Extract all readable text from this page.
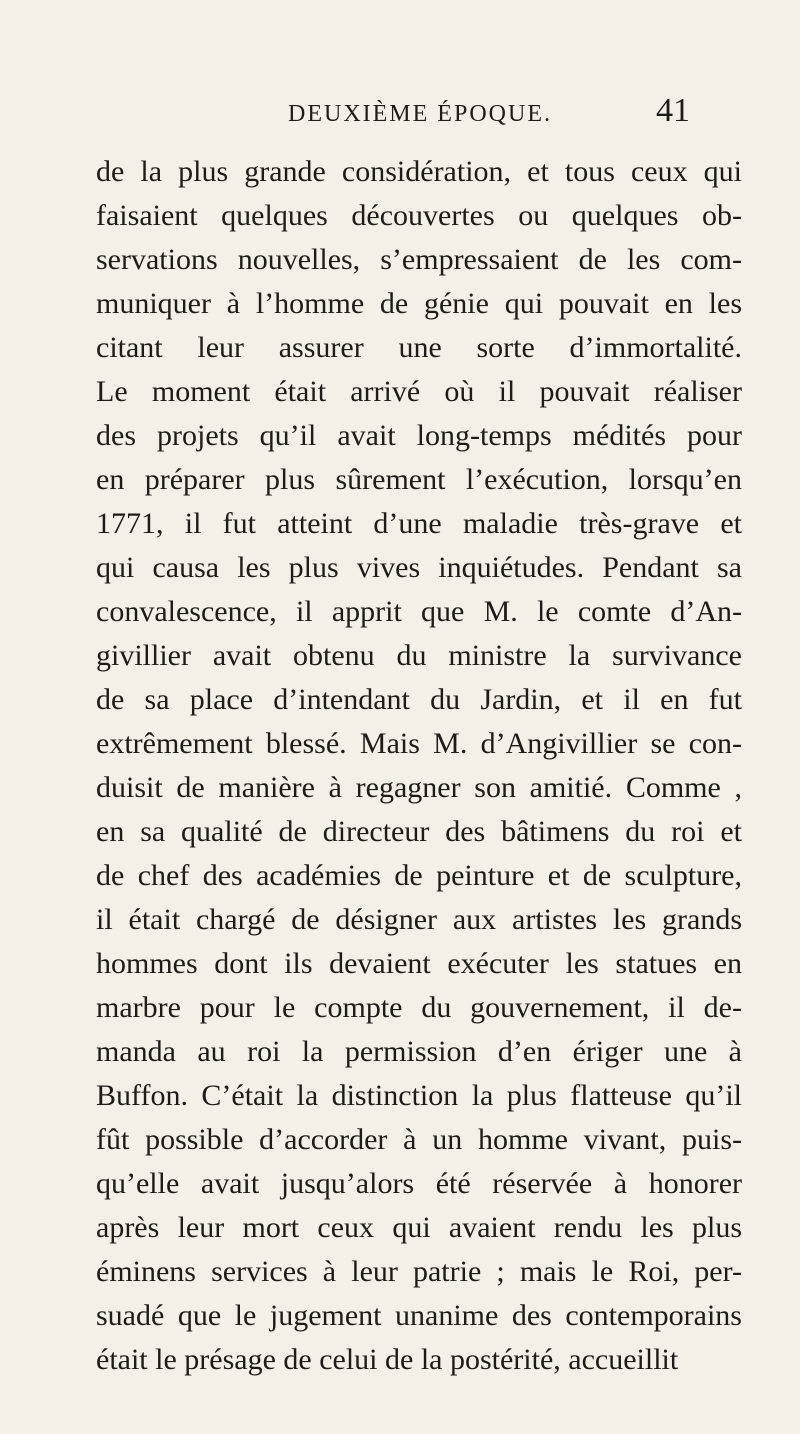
DEUXIÈME ÉPOQUE.	41
de la plus grande considération, et tous ceux qui
faisaient quelques découvertes ou quelques ob-
servations nouvelles, s’empressaient de les com-
muniquer à l’homme de génie qui pouvait en les
citant leur assurer une sorte d’immortalité.
Le moment était arrivé où il pouvait réaliser
des projets qu’il avait long-temps médités pour
en préparer plus sûrement l’exécution, lorsqu’en
1771, il fut atteint d’une maladie très-grave et
qui causa les plus vives inquiétudes. Pendant sa
convalescence, il apprit que M. le comte d’An-
givillier avait obtenu du ministre la survivance
de sa place d’intendant du Jardin, et il en fut
extrêmement blessé. Mais M. d’Angivillier se con-
duisit de manière à regagner son amitié. Comme ,
en sa qualité de directeur des bâtimens du roi et
de chef des académies de peinture et de sculpture,
il était chargé de désigner aux artistes les grands
hommes dont ils devaient exécuter les statues en
marbre pour le compte du gouvernement, il de-
manda au roi la permission d’en ériger une à
Buffon. C’était la distinction la plus flatteuse qu’il
fût possible d’accorder à un homme vivant, puis-
qu’elle avait jusqu’alors été réservée à honorer
après leur mort ceux qui avaient rendu les plus
éminens services à leur patrie ; mais le Roi, per-
suadé que le jugement unanime des contemporains
était le présage de celui de la postérité, accueillit
